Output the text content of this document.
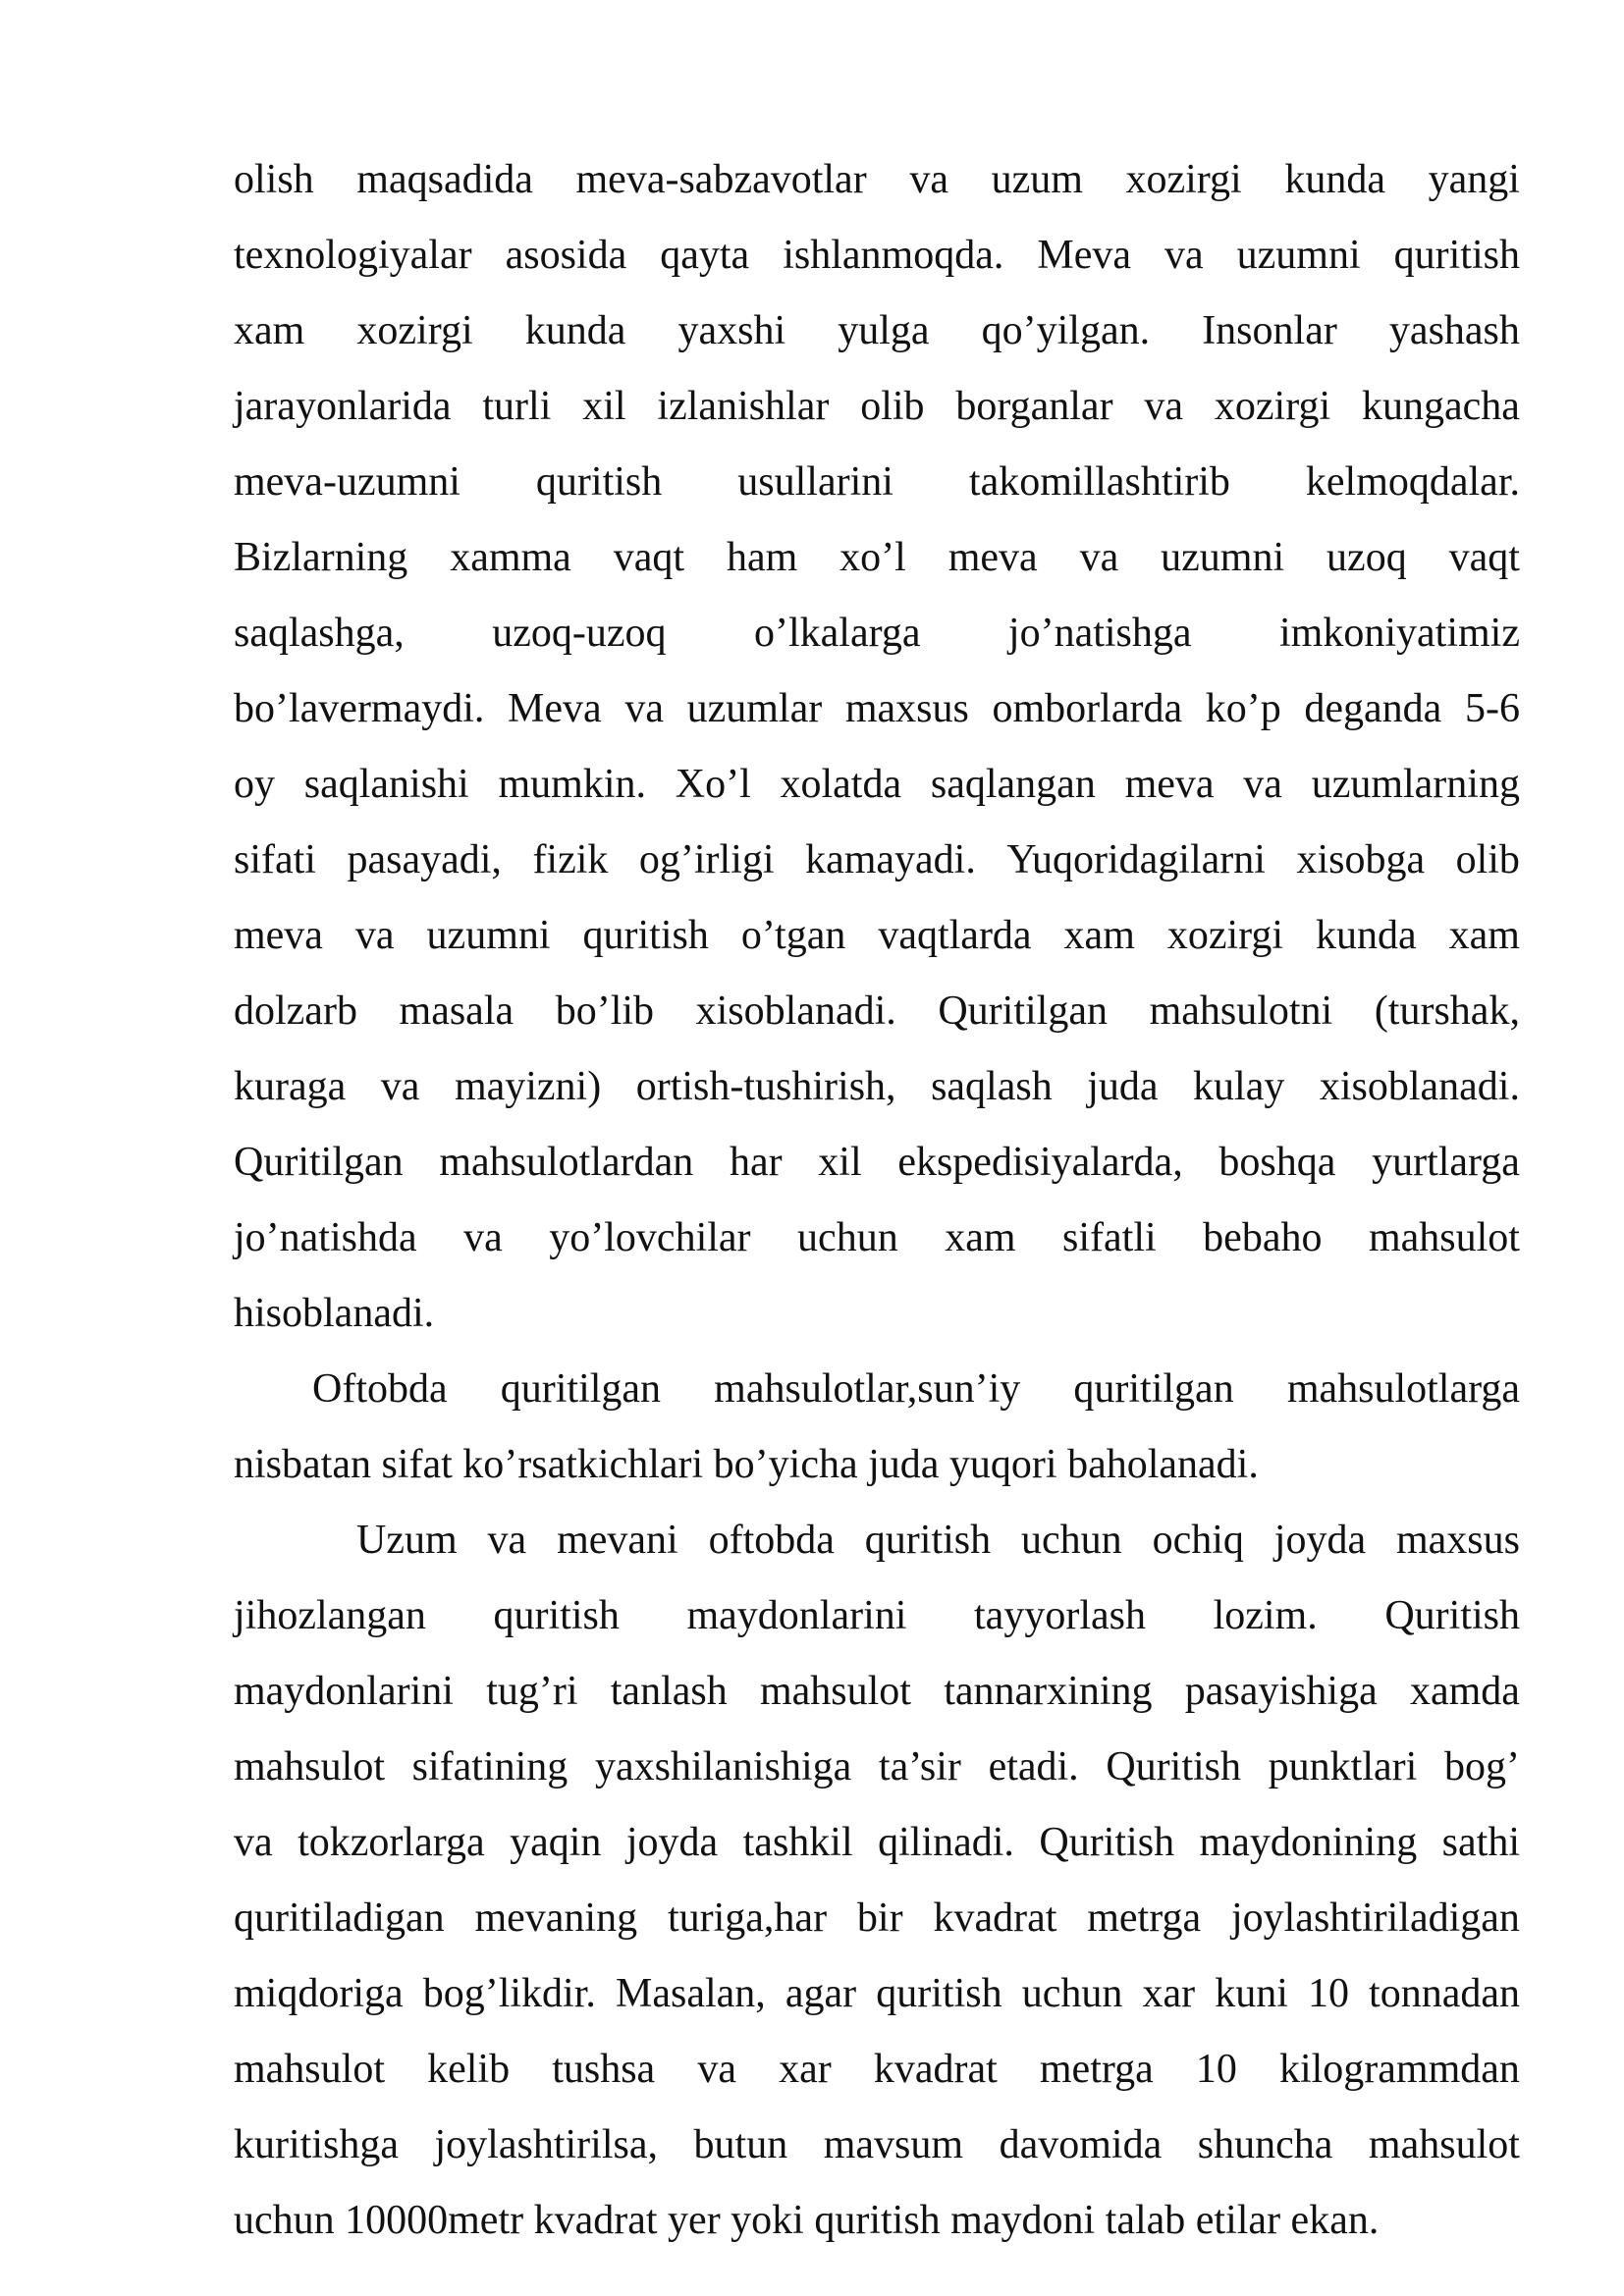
olish maqsadida meva-sabzavotlar va uzum xozirgi kunda yangi
texnologiyalar asosida qayta ishlanmoqda. Meva va uzumni quritish
xam xozirgi kunda yaxshi yulga qo’yilgan. Insonlar yashash
jarayonlarida turli xil izlanishlar olib borganlar va xozirgi kungacha
meva-uzumni quritish usullarini takomillashtirib kelmoqdalar.
Bizlarning xamma vaqt ham xo’l meva va uzumni uzoq vaqt
saqlashga, uzoq-uzoq o’lkalarga jo’natishga imkoniyatimiz
bo’lavermaydi. Meva va uzumlar maxsus omborlarda ko’p deganda 5-6
oy saqlanishi mumkin. Xo’l xolatda saqlangan meva va uzumlarning
sifati pasayadi, fizik og’irligi kamayadi. Yuqoridagilarni xisobga olib
meva va uzumni quritish o’tgan vaqtlarda xam xozirgi kunda xam
dolzarb masala bo’lib xisoblanadi. Quritilgan mahsulotni (turshak,
kuraga va mayizni) ortish-tushirish, saqlash juda kulay xisoblanadi.
Quritilgan mahsulotlardan har xil ekspedisiyalarda, boshqa yurtlarga
jo’natishda va yo’lovchilar uchun xam sifatli bebaho mahsulot
hisoblanadi.
Oftobda quritilgan mahsulotlar,sun’iy quritilgan mahsulotlarga
nisbatan sifat ko’rsatkichlari bo’yicha juda yuqori baholanadi.
Uzum va mevani oftobda quritish uchun ochiq joyda maxsus
jihozlangan quritish maydonlarini tayyorlash lozim. Quritish
maydonlarini tug’ri tanlash mahsulot tannarxining pasayishiga xamda
mahsulot sifatining yaxshilanishiga ta’sir etadi. Quritish punktlari bog’
va tokzorlarga yaqin joyda tashkil qilinadi. Quritish maydonining sathi
quritiladigan mevaning turiga,har bir kvadrat metrga joylashtiriladigan
miqdoriga bog’likdir. Masalan, agar quritish uchun xar kuni 10 tonnadan
mahsulot kelib tushsa va xar kvadrat metrga 10 kilogrammdan
kuritishga joylashtirilsa, butun mavsum davomida shuncha mahsulot
uchun 10000metr kvadrat yer yoki quritish maydoni talab etilar ekan.
